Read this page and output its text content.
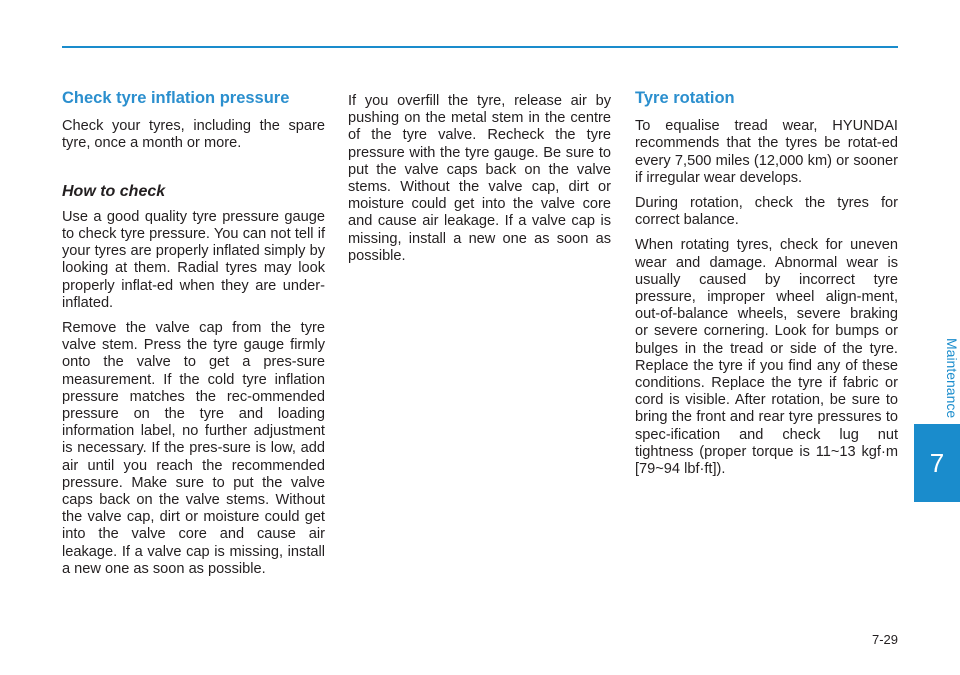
Check tyre inflation pressure

Check your tyres, including the spare tyre, once a month or more.

How to check

Use a good quality tyre pressure gauge to check tyre pressure. You can not tell if your tyres are properly inflated simply by looking at them. Radial tyres may look properly inflat-ed when they are under-inflated.

Remove the valve cap from the tyre valve stem. Press the tyre gauge firmly onto the valve to get a pres-sure measurement. If the cold tyre inflation pressure matches the rec-ommended pressure on the tyre and loading information label, no further adjustment is necessary. If the pres-sure is low, add air until you reach the recommended pressure. Make sure to put the valve caps back on the valve stems. Without the valve cap, dirt or moisture could get into the valve core and cause air leakage. If a valve cap is missing, install a new one as soon as possible.

If you overfill the tyre, release air by pushing on the metal stem in the centre of the tyre valve. Recheck the tyre pressure with the tyre gauge. Be sure to put the valve caps back on the valve stems. Without the valve cap, dirt or moisture could get into the valve core and cause air leakage. If a valve cap is missing, install a new one as soon as possible.

Tyre rotation

To equalise tread wear, HYUNDAI recommends that the tyres be rotat-ed every 7,500 miles (12,000 km) or sooner if irregular wear develops.

During rotation, check the tyres for correct balance.

When rotating tyres, check for uneven wear and damage. Abnormal wear is usually caused by incorrect tyre pressure, improper wheel align-ment, out-of-balance wheels, severe braking or severe cornering. Look for bumps or bulges in the tread or side of the tyre. Replace the tyre if you find any of these conditions. Replace the tyre if fabric or cord is visible. After rotation, be sure to bring the front and rear tyre pressures to spec-ification and check lug nut tightness (proper torque is 11~13 kgf·m [79~94 lbf·ft]).

Maintenance
7
7-29
